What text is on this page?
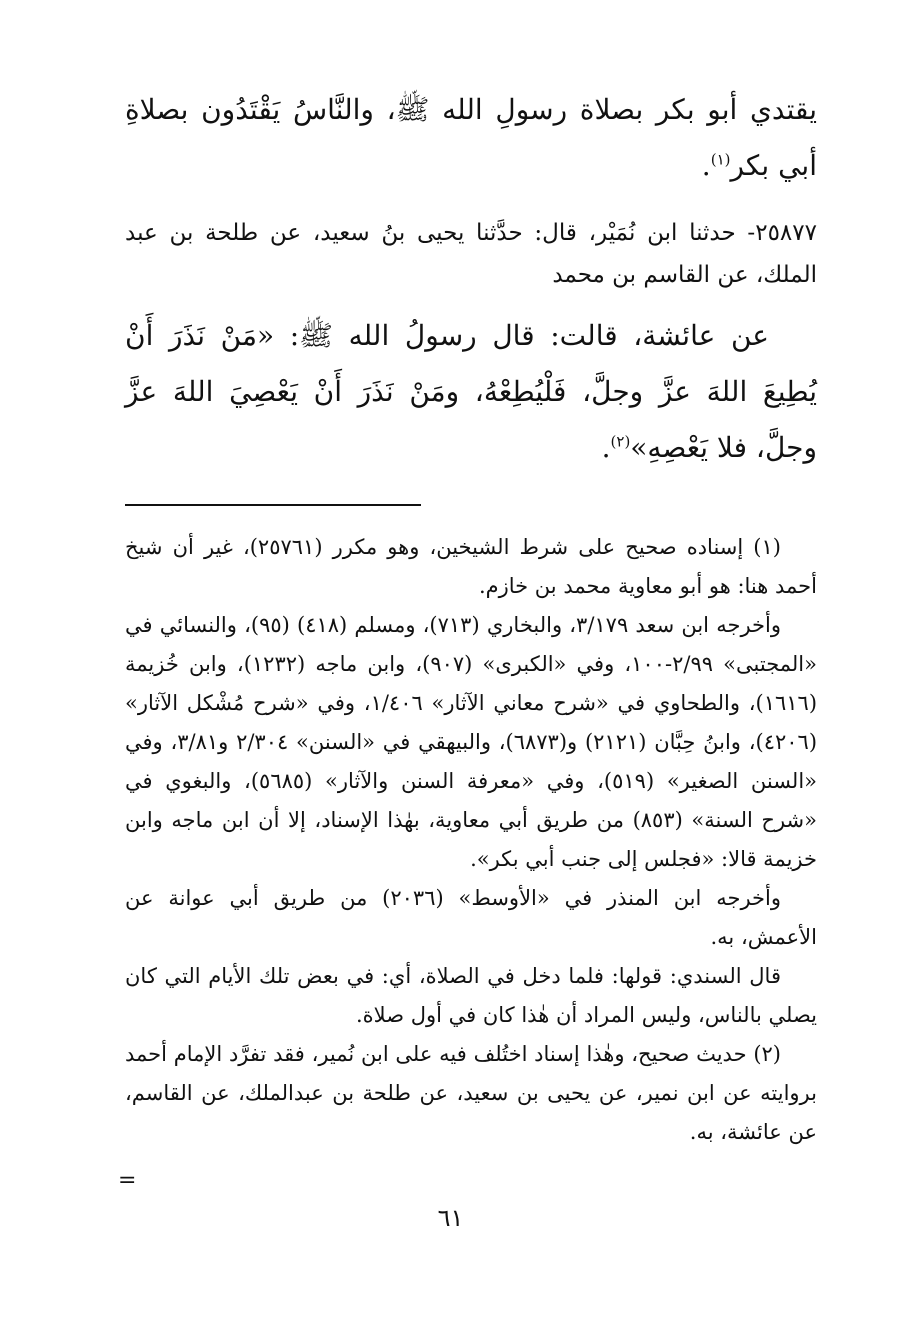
يقتدي أبو بكر بصلاة رسولِ الله ﷺ، والنَّاسُ يَقْتَدُون بصلاةِ أبي بكر$^{(١)}$.

٢٥٨٧٧- حدثنا ابن نُمَيْر، قال: حدَّثنا يحيى بنُ سعيد، عن طلحة بن عبد الملك، عن القاسم بن محمد

عن عائشة، قالت: قال رسولُ الله ﷺ: «مَنْ نَذَرَ أَنْ يُطِيعَ اللهَ عزَّ وجلَّ، فَلْيُطِعْهُ، ومَنْ نَذَرَ أَنْ يَعْصِيَ اللهَ عزَّ وجلَّ، فلا يَعْصِهِ»$^{(٢)}$.

(١) إسناده صحيح على شرط الشيخين، وهو مكرر (٢٥٧٦١)، غير أن شيخ أحمد هنا: هو أبو معاوية محمد بن خازم.

وأخرجه ابن سعد ٣/١٧٩، والبخاري (٧١٣)، ومسلم (٤١٨) (٩٥)، والنسائي في «المجتبى» ٢/٩٩-١٠٠، وفي «الكبرى» (٩٠٧)، وابن ماجه (١٢٣٢)، وابن خُزيمة (١٦١٦)، والطحاوي في «شرح معاني الآثار» ١/٤٠٦، وفي «شرح مُشْكل الآثار» (٤٢٠٦)، وابنُ حِبَّان (٢١٢١) و(٦٨٧٣)، والبيهقي في «السنن» ٢/٣٠٤ و٣/٨١، وفي «السنن الصغير» (٥١٩)، وفي «معرفة السنن والآثار» (٥٦٨٥)، والبغوي في «شرح السنة» (٨٥٣) من طريق أبي معاوية، بهٰذا الإسناد، إلا أن ابن ماجه وابن خزيمة قالا: «فجلس إلى جنب أبي بكر».

وأخرجه ابن المنذر في «الأوسط» (٢٠٣٦) من طريق أبي عوانة عن الأعمش، به.

قال السندي: قولها: فلما دخل في الصلاة، أي: في بعض تلك الأيام التي كان يصلي بالناس، وليس المراد أن هٰذا كان في أول صلاة.

(٢) حديث صحيح، وهٰذا إسناد اختُلف فيه على ابن نُمير، فقد تفرَّد الإمام أحمد بروايته عن ابن نمير، عن يحيى بن سعيد، عن طلحة بن عبدالملك، عن القاسم، عن عائشة، به.

=
٦١
